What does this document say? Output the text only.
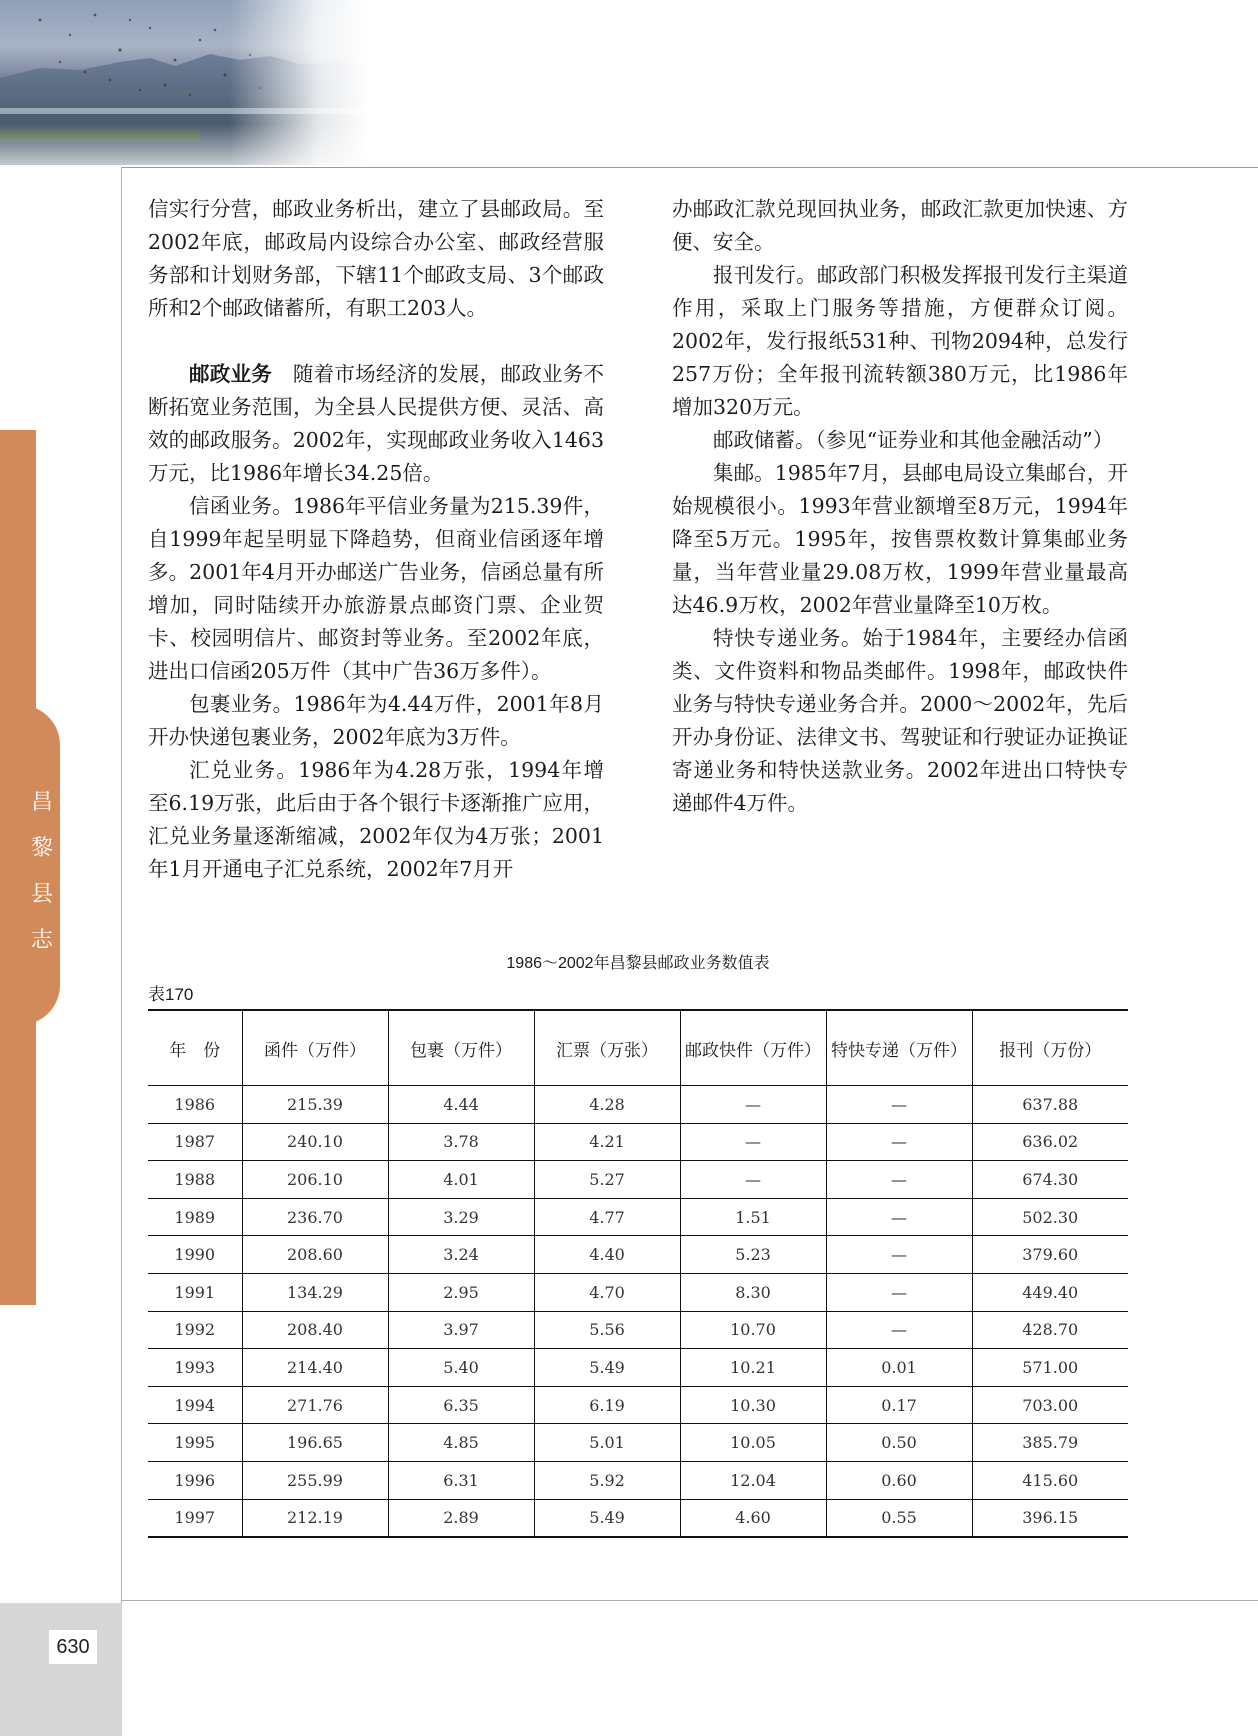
昌
黎
县
志
630

信实行分营，邮政业务析出，建立了县邮政局。至2002年底，邮政局内设综合办公室、邮政经营服务部和计划财务部，下辖11个邮政支局、3个邮政所和2个邮政储蓄所，有职工203人。

邮政业务　随着市场经济的发展，邮政业务不断拓宽业务范围，为全县人民提供方便、灵活、高效的邮政服务。2002年，实现邮政业务收入1463万元，比1986年增长34.25倍。

信函业务。1986年平信业务量为215.39件，自1999年起呈明显下降趋势，但商业信函逐年增多。2001年4月开办邮送广告业务，信函总量有所增加，同时陆续开办旅游景点邮资门票、企业贺卡、校园明信片、邮资封等业务。至2002年底，进出口信函205万件（其中广告36万多件）。

包裹业务。1986年为4.44万件，2001年8月开办快递包裹业务，2002年底为3万件。

汇兑业务。1986年为4.28万张，1994年增至6.19万张，此后由于各个银行卡逐渐推广应用，汇兑业务量逐渐缩减，2002年仅为4万张；2001年1月开通电子汇兑系统，2002年7月开

办邮政汇款兑现回执业务，邮政汇款更加快速、方便、安全。

报刊发行。邮政部门积极发挥报刊发行主渠道作用，采取上门服务等措施，方便群众订阅。2002年，发行报纸531种、刊物2094种，总发行257万份；全年报刊流转额380万元，比1986年增加320万元。

邮政储蓄。（参见“证券业和其他金融活动”）

集邮。1985年7月，县邮电局设立集邮台，开始规模很小。1993年营业额增至8万元，1994年降至5万元。1995年，按售票枚数计算集邮业务量，当年营业量29.08万枚，1999年营业量最高达46.9万枚，2002年营业量降至10万枚。

特快专递业务。始于1984年，主要经办信函类、文件资料和物品类邮件。1998年，邮政快件业务与特快专递业务合并。2000～2002年，先后开办身份证、法律文书、驾驶证和行驶证办证换证寄递业务和特快送款业务。2002年进出口特快专递邮件4万件。

1986～2002年昌黎县邮政业务数值表
表170
年　份	函件（万件）	包裹（万件）	汇票（万张）	邮政快件（万件）	特快专递（万件）	报刊（万份）
1986	215.39	4.44	4.28	—	—	637.88
1987	240.10	3.78	4.21	—	—	636.02
1988	206.10	4.01	5.27	—	—	674.30
1989	236.70	3.29	4.77	1.51	—	502.30
1990	208.60	3.24	4.40	5.23	—	379.60
1991	134.29	2.95	4.70	8.30	—	449.40
1992	208.40	3.97	5.56	10.70	—	428.70
1993	214.40	5.40	5.49	10.21	0.01	571.00
1994	271.76	6.35	6.19	10.30	0.17	703.00
1995	196.65	4.85	5.01	10.05	0.50	385.79
1996	255.99	6.31	5.92	12.04	0.60	415.60
1997	212.19	2.89	5.49	4.60	0.55	396.15
